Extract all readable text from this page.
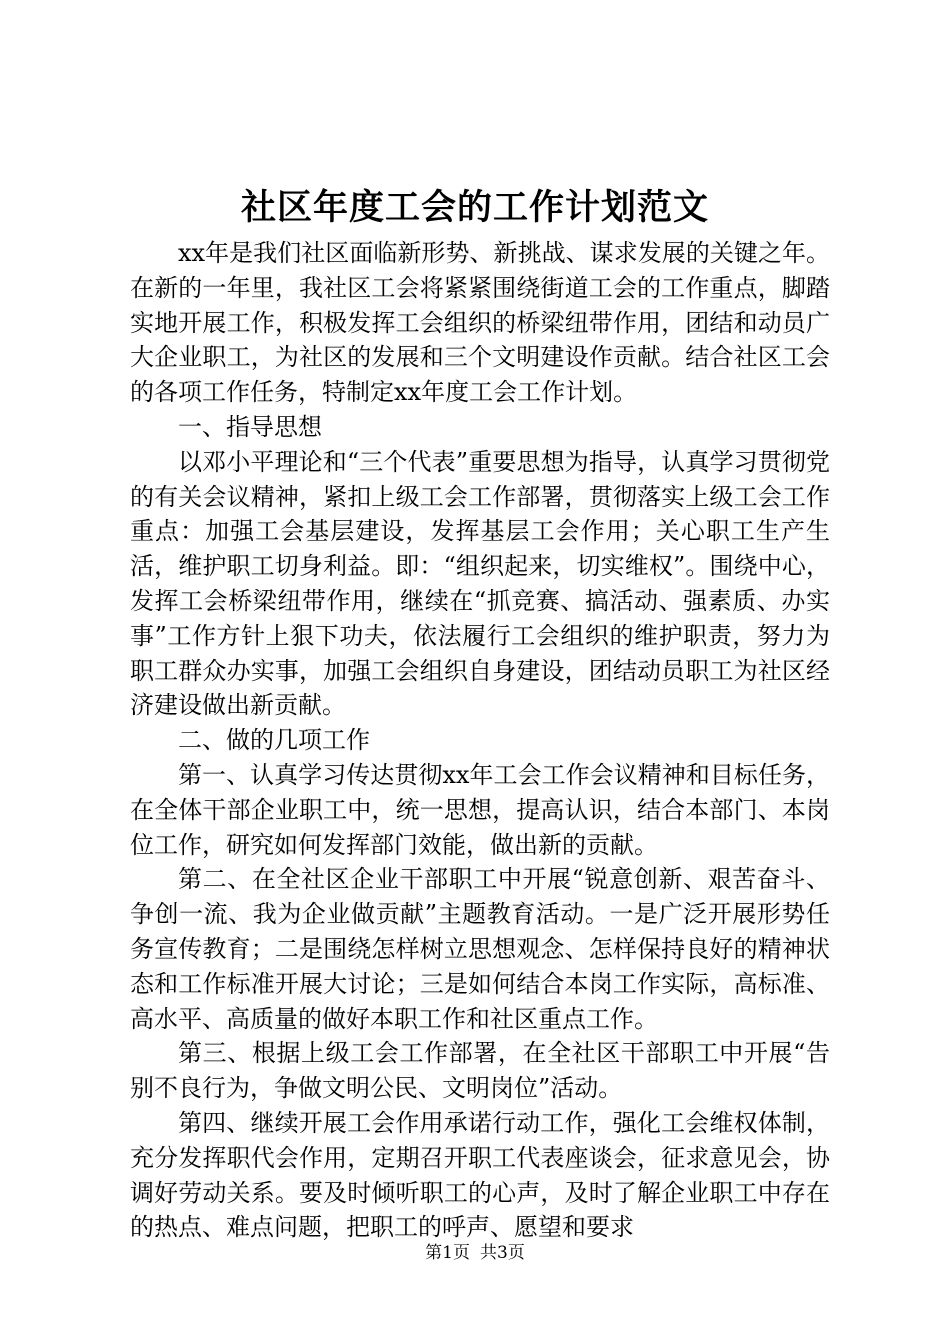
社区年度工会的工作计划范文

xx年是我们社区面临新形势、新挑战、谋求发展的关键之年。在新的一年里，我社区工会将紧紧围绕街道工会的工作重点，脚踏实地开展工作，积极发挥工会组织的桥梁纽带作用，团结和动员广大企业职工，为社区的发展和三个文明建设作贡献。结合社区工会的各项工作任务，特制定xx年度工会工作计划。

一、指导思想

以邓小平理论和“三个代表”重要思想为指导，认真学习贯彻党的有关会议精神，紧扣上级工会工作部署，贯彻落实上级工会工作重点：加强工会基层建设，发挥基层工会作用；关心职工生产生活，维护职工切身利益。即：“组织起来，切实维权”。围绕中心，发挥工会桥梁纽带作用，继续在“抓竞赛、搞活动、强素质、办实事”工作方针上狠下功夫，依法履行工会组织的维护职责，努力为职工群众办实事，加强工会组织自身建设，团结动员职工为社区经济建设做出新贡献。

二、做的几项工作

第一、认真学习传达贯彻xx年工会工作会议精神和目标任务，在全体干部企业职工中，统一思想，提高认识，结合本部门、本岗位工作，研究如何发挥部门效能，做出新的贡献。

第二、在全社区企业干部职工中开展“锐意创新、艰苦奋斗、争创一流、我为企业做贡献”主题教育活动。一是广泛开展形势任务宣传教育；二是围绕怎样树立思想观念、怎样保持良好的精神状态和工作标准开展大讨论；三是如何结合本岗工作实际，高标准、高水平、高质量的做好本职工作和社区重点工作。

第三、根据上级工会工作部署，在全社区干部职工中开展“告别不良行为，争做文明公民、文明岗位”活动。

第四、继续开展工会作用承诺行动工作，强化工会维权体制，充分发挥职代会作用，定期召开职工代表座谈会，征求意见会，协调好劳动关系。要及时倾听职工的心声，及时了解企业职工中存在的热点、难点问题，把职工的呼声、愿望和要求

第1页 共3页
